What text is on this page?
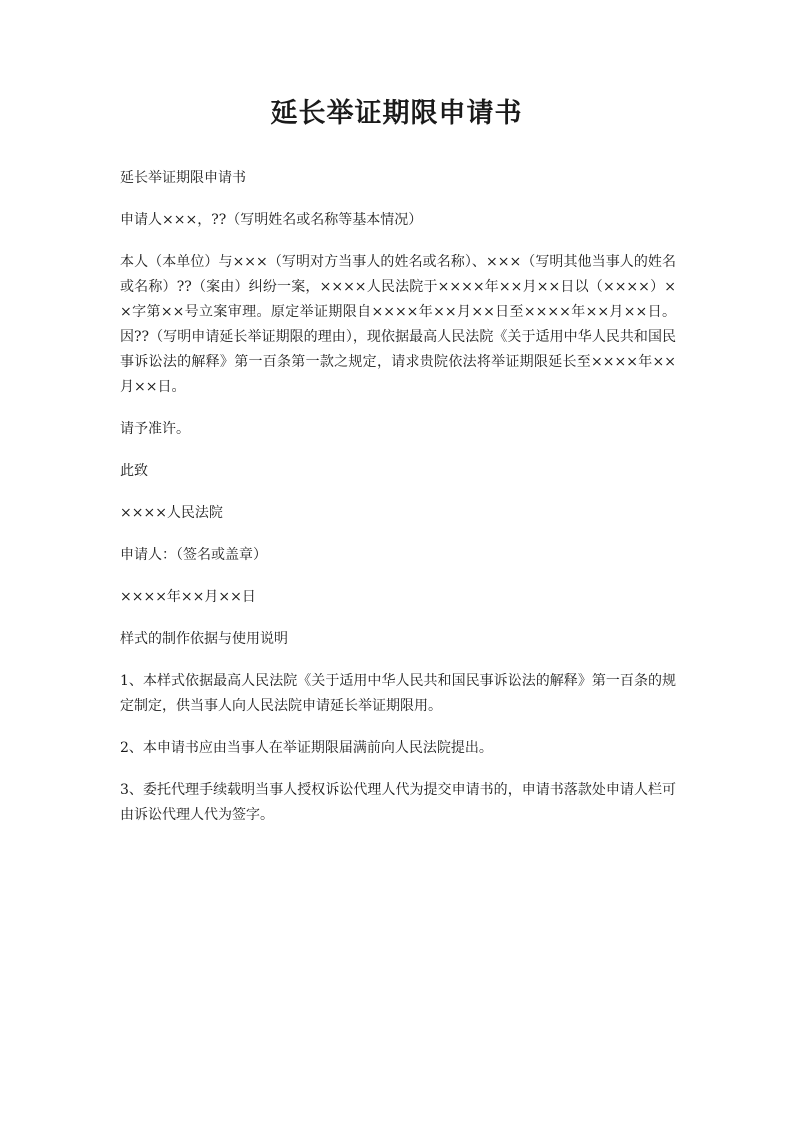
延长举证期限申请书

延长举证期限申请书

申请人×××，??（写明姓名或名称等基本情况）

本人（本单位）与×××（写明对方当事人的姓名或名称）、×××（写明其他当事人的姓名或名称）??（案由）纠纷一案，××××人民法院于××××年××月××日以（××××）××字第××号立案审理。原定举证期限自××××年××月××日至××××年××月××日。因??（写明申请延长举证期限的理由），现依据最高人民法院《关于适用中华人民共和国民事诉讼法的解释》第一百条第一款之规定，请求贵院依法将举证期限延长至××××年××月××日。

请予准许。

此致

××××人民法院

申请人：（签名或盖章）

××××年××月××日

样式的制作依据与使用说明

1、本样式依据最高人民法院《关于适用中华人民共和国民事诉讼法的解释》第一百条的规定制定，供当事人向人民法院申请延长举证期限用。

2、本申请书应由当事人在举证期限届满前向人民法院提出。

3、委托代理手续载明当事人授权诉讼代理人代为提交申请书的，申请书落款处申请人栏可由诉讼代理人代为签字。
